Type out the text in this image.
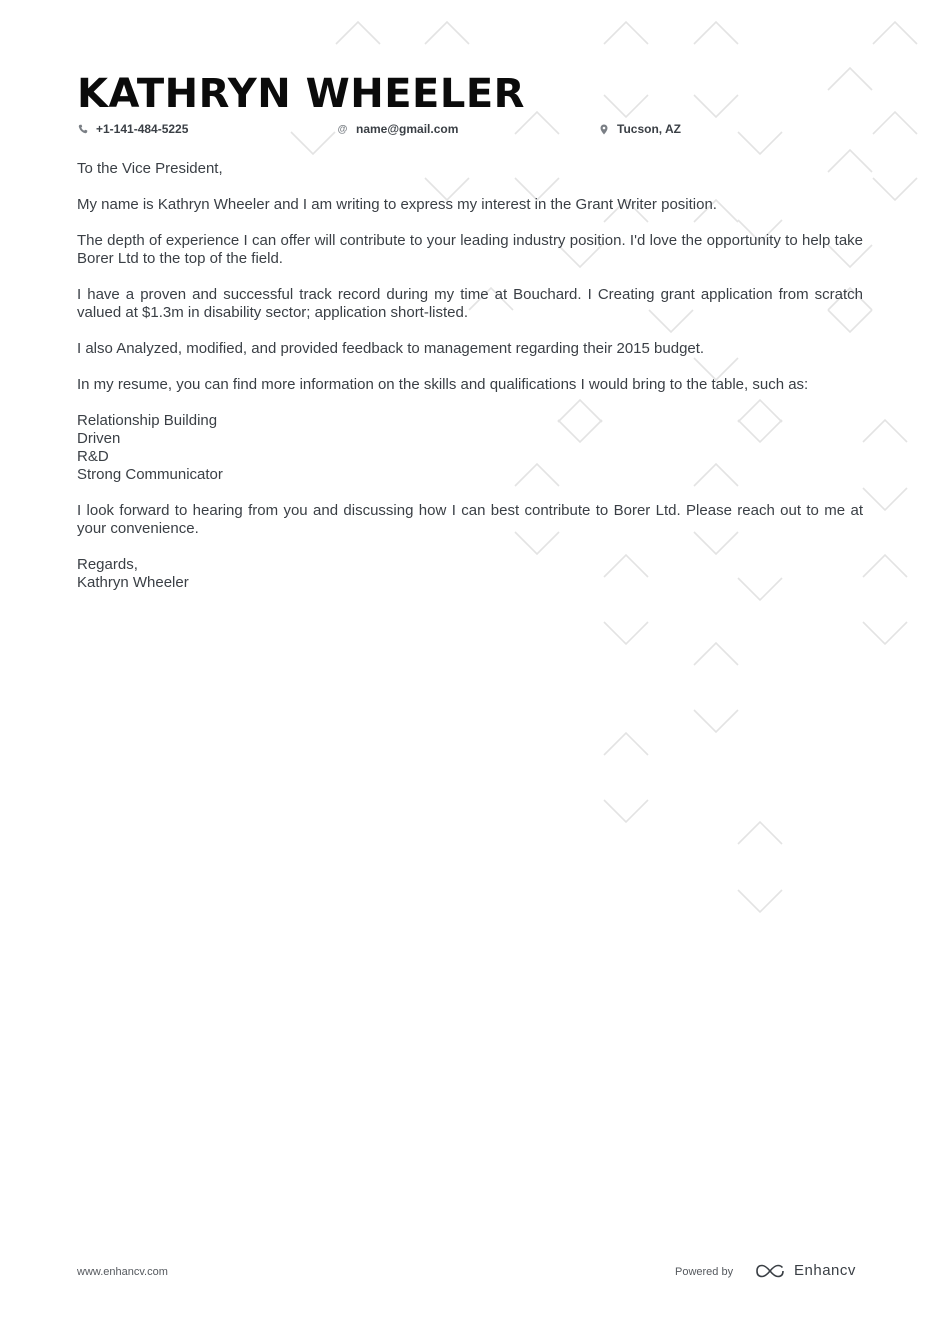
KATHRYN WHEELER
+1-141-484-5225	@ name@gmail.com	Tucson, AZ

To the Vice President,

My name is Kathryn Wheeler and I am writing to express my interest in the Grant Writer position.

The depth of experience I can offer will contribute to your leading industry position. I'd love the opportunity to help take Borer Ltd to the top of the field.

I have a proven and successful track record during my time at Bouchard. I Creating grant application from scratch valued at $1.3m in disability sector; application short-listed.

I also Analyzed, modified, and provided feedback to management regarding their 2015 budget.

In my resume, you can find more information on the skills and qualifications I would bring to the table, such as:

Relationship Building
Driven
R&D
Strong Communicator

I look forward to hearing from you and discussing how I can best contribute to Borer Ltd. Please reach out to me at your convenience.

Regards,
Kathryn Wheeler
www.enhancv.com	Powered by	Enhancv
